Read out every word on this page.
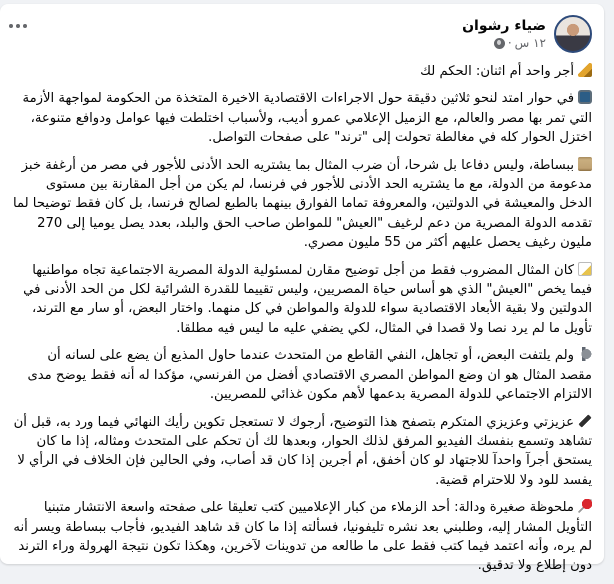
ضياء رشوان
١٢ س
·

أجر واحد أم اثنان: الحكم لك

في حوار امتد لنحو ثلاثين دقيقة حول الاجراءات الاقتصادية الاخيرة المتخذة من الحكومة لمواجهة الأزمة التي تمر بها مصر والعالم، مع الزميل الإعلامي عمرو أديب، ولأسباب اختلطت فيها عوامل ودوافع متنوعة، اختزل الحوار كله في مغالطة تحولت إلى "ترند" على صفحات التواصل.

ببساطة، وليس دفاعا بل شرحا، أن ضرب المثال بما يشتريه الحد الأدنى للأجور في مصر من أرغفة خبز مدعومة من الدولة، مع ما يشتريه الحد الأدنى للأجور في فرنسا، لم يكن من أجل المقارنة بين مستوى الدخل والمعيشة في الدولتين، والمعروفة تماما الفوارق بينهما بالطبع لصالح فرنسا، بل كان فقط توضيحا لما تقدمه الدولة المصرية من دعم لرغيف "العيش" للمواطن صاحب الحق والبلد، بعدد يصل يوميا إلى 270 مليون رغيف يحصل عليهم أكثر من 55 مليون مصري.

كان المثال المضروب فقط من أجل توضيح مقارن لمسئولية الدولة المصرية الاجتماعية تجاه مواطنيها فيما يخص "العيش" الذي هو أساس حياة المصريين، وليس تقييما للقدرة الشرائية لكل من الحد الأدنى في الدولتين ولا بقية الأبعاد الاقتصادية سواء للدولة والمواطن في كل منهما. واختار البعض، أو سار مع الترند، تأويل ما لم يرد نصا ولا قصدا في المثال، لكي يضفي عليه ما ليس فيه مطلقا.

ولم يلتفت البعض، أو تجاهل، النفي القاطع من المتحدث عندما حاول المذيع أن يضع على لسانه أن مقصد المثال هو ان وضع المواطن المصري الاقتصادي أفضل من الفرنسي، مؤكدا له أنه فقط يوضح مدى الالتزام الاجتماعي للدولة المصرية بدعمها لأهم مكون غذائي للمصريين.

عزيزتي وعزيزي المتكرم بتصفح هذا التوضيح، أرجوك لا تستعجل تكوين رأيك النهائي فيما ورد به، قبل أن تشاهد وتسمع بنفسك الفيديو المرفق لذلك الحوار، وبعدها لك أن تحكم على المتحدث ومثاله، إذا ما كان يستحق أجرآ واحدآ للاجتهاد لو كان أخفق، أم أجرين إذا كان قد أصاب، وفي الحالين فإن الخلاف في الرأي لا يفسد للود ولا للاحترام قضية.

ملحوظة صغيرة ودالة: أحد الزملاء من كبار الإعلاميين كتب تعليقا على صفحته واسعة الانتشار متبنيا التأويل المشار إليه، وطلبني بعد نشره تليفونيا، فسألته إذا ما كان قد شاهد الفيديو، فأجاب ببساطة ويسر أنه لم يره، وأنه اعتمد فيما كتب فقط على ما طالعه من تدوينات لآخرين، وهكذا تكون نتيجة الهرولة وراء الترند دون إطلاع ولا تدقيق.
